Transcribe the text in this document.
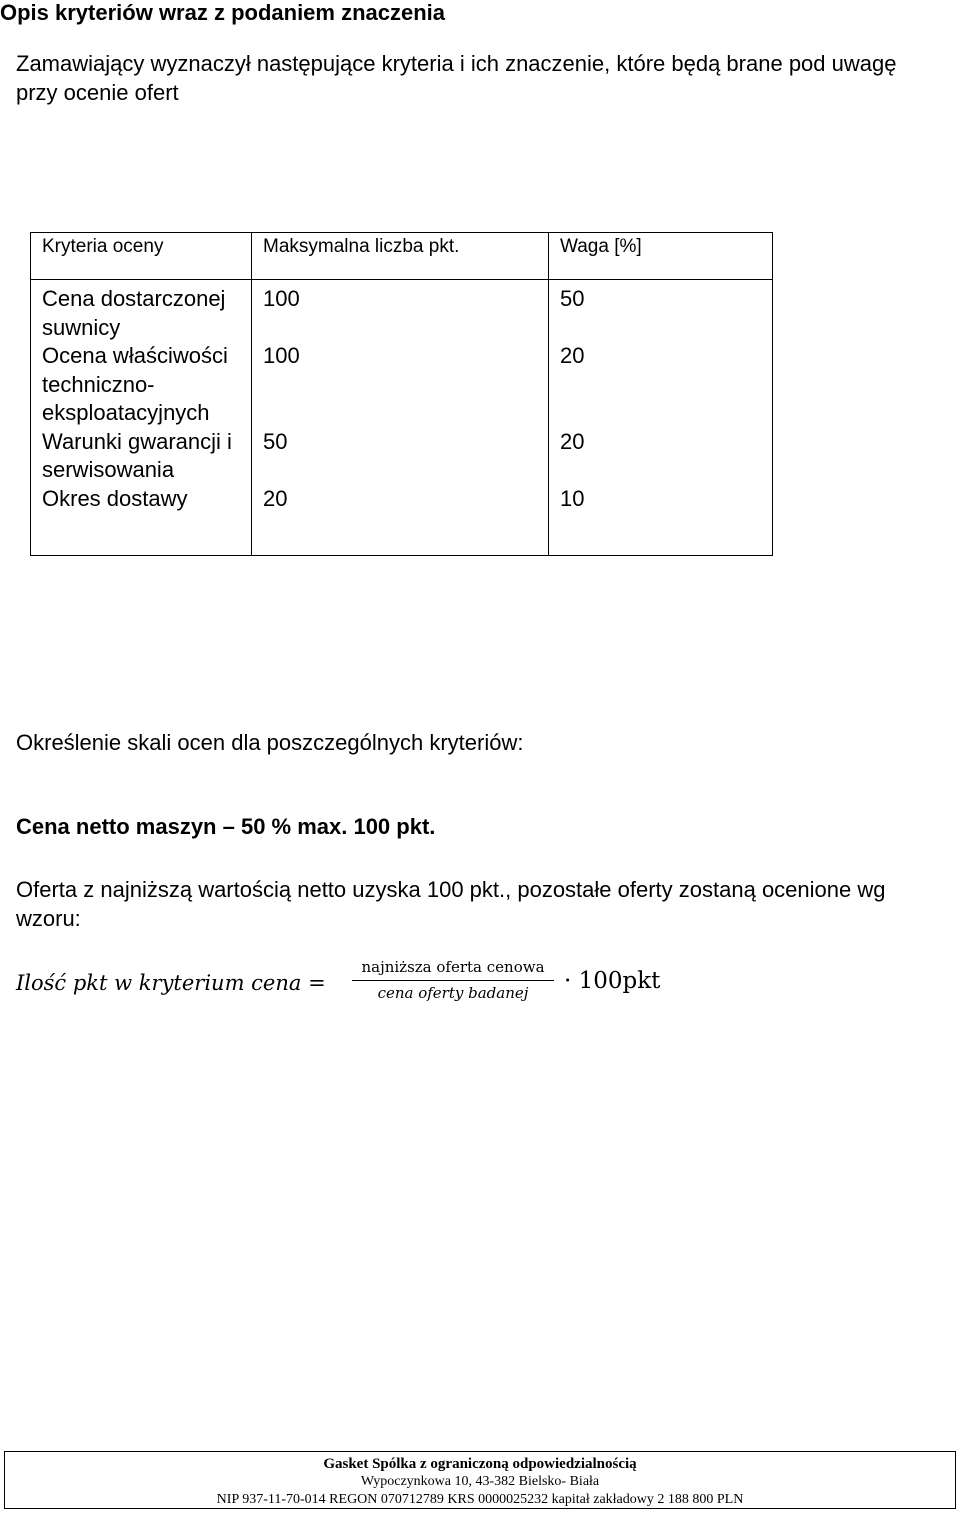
Opis kryteriów wraz z podaniem znaczenia
Zamawiający wyznaczył następujące kryteria i ich znaczenie, które będą brane pod uwagę przy ocenie ofert
Kryteria oceny	Maksymalna liczba pkt.	Waga [%]
Cena dostarczonej suwnicy	100	50
Ocena właściwości techniczno-eksploatacyjnych	100	20
Warunki gwarancji i serwisowania	50	20
Okres dostawy	20	10
Określenie skali ocen dla poszczególnych kryteriów:
Cena netto maszyn – 50 % max. 100 pkt.
Oferta z najniższą wartością netto uzyska 100 pkt., pozostałe oferty zostaną ocenione wg wzoru:
Ilość pkt w kryterium cena =
najniższa oferta cenowa
cena oferty badanej	· 100pkt
Gasket Spólka z ograniczoną odpowiedzialnością
Wypoczynkowa 10, 43-382 Bielsko- Biała
NIP 937-11-70-014 REGON 070712789 KRS 0000025232 kapitał zakładowy 2 188 800 PLN
